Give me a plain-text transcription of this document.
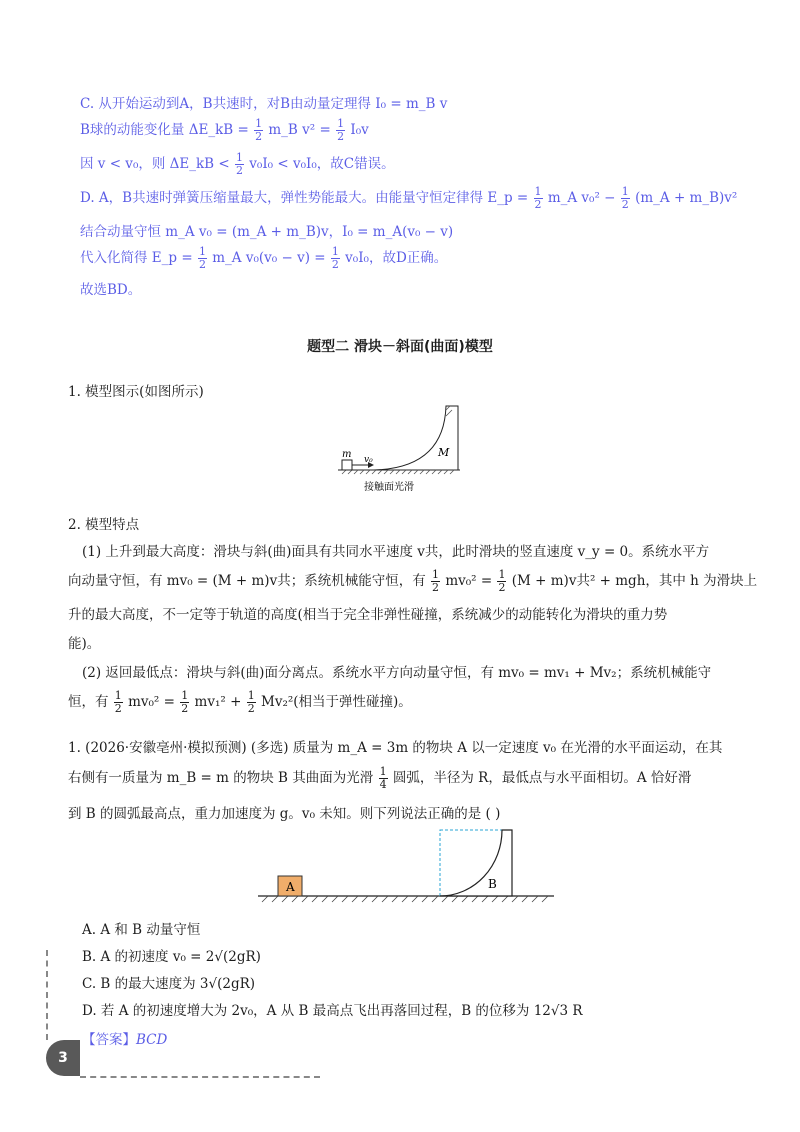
C. 从开始运动到A，B共速时，对B由动量定理得 I₀ = m_B v
B球的动能变化量 ΔE_kB = $\frac{1}{2}$ m_B $v^2 = \frac{1}{2} I_0v$
因 v < v₀，则 ΔE_kB < $\frac{1}{2} v_0I_0 < v_0I_0$，故C错误。
D. A，B共速时弹簧压缩量最大，弹性势能最大。由能量守恒定律得 E_p = $\frac{1}{2}$ m_A $v_0^2 - \frac{1}{2}$ (m_A + m_B)v²
结合动量守恒 m_A v₀ = (m_A + m_B)v，I₀ = m_A(v₀ − v)
代入化简得 E_p = $\frac{1}{2}$ m_A $v_0(v_0 - v) = \frac{1}{2} v_0I_0$，故D正确。
故选BD。
题型二 滑块－斜面(曲面)模型
1. 模型图示(如图所示)
m v₀
M
接触面光滑
2. 模型特点
(1) 上升到最大高度：滑块与斜(曲)面具有共同水平速度 v共，此时滑块的竖直速度 v_y = 0。系统水平方
向动量守恒，有 mv₀ = (M + m)v共；系统机械能守恒，有 $\frac{1}{2} mv_0^2 = \frac{1}{2} (M + m)v$共² + mgh，其中 h 为滑块上
升的最大高度，不一定等于轨道的高度(相当于完全非弹性碰撞，系统减少的动能转化为滑块的重力势
能)。
(2) 返回最低点：滑块与斜(曲)面分离点。系统水平方向动量守恒，有 mv₀ = mv₁ + Mv₂；系统机械能守
恒，有 $\frac{1}{2} mv_0^2 = \frac{1}{2} mv_1^2 + \frac{1}{2} Mv_2^2$(相当于弹性碰撞)。
1. (2026·安徽亳州·模拟预测) (多选) 质量为 m_A = 3m 的物块 A 以一定速度 v₀ 在光滑的水平面运动，在其
右侧有一质量为 m_B = m 的物块 B 其曲面为光滑 $\frac{1}{4}$ 圆弧，半径为 R，最低点与水平面相切。A 恰好滑
到 B 的圆弧最高点，重力加速度为 g。v₀ 未知。则下列说法正确的是 ( )
A	B
A. A 和 B 动量守恒
B. A 的初速度 v₀ = 2√(2gR)
C. B 的最大速度为 3√(2gR)
D. 若 A 的初速度增大为 2v₀，A 从 B 最高点飞出再落回过程，B 的位移为 12√3 R
【答案】BCD
3
